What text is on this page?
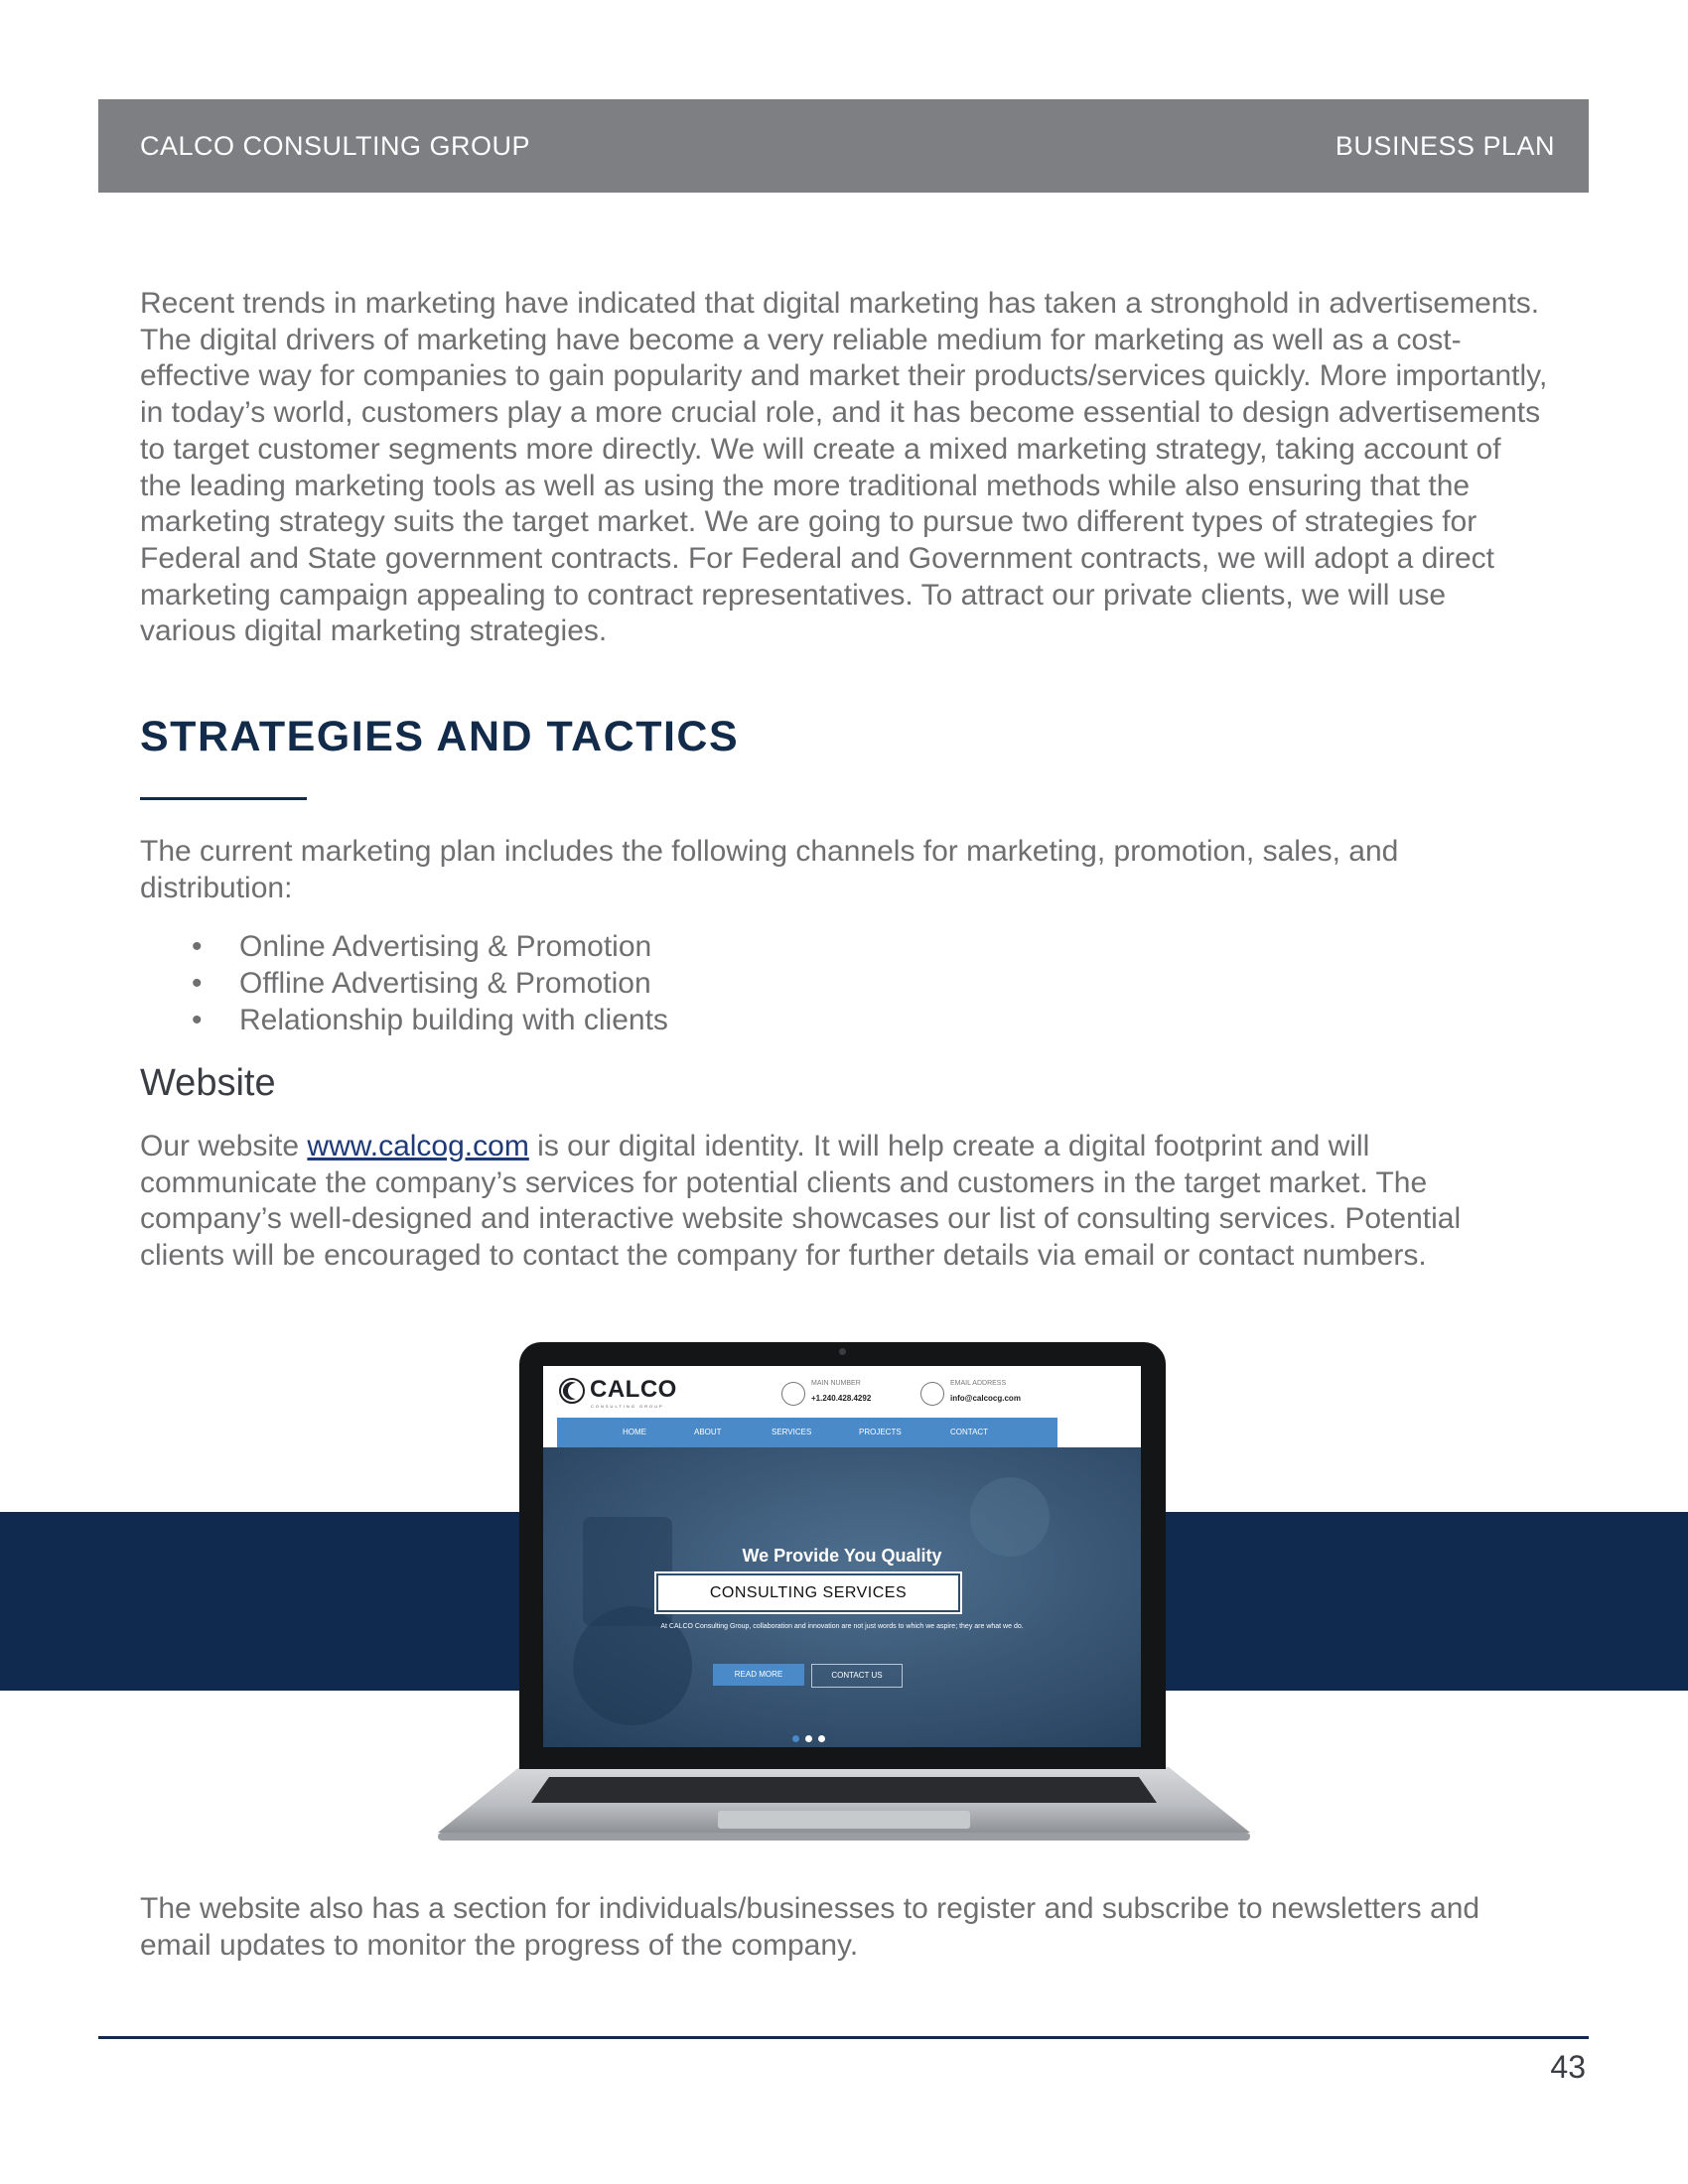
CALCO CONSULTING GROUP	BUSINESS PLAN

Recent trends in marketing have indicated that digital marketing has taken a stronghold in advertisements. The digital drivers of marketing have become a very reliable medium for marketing as well as a cost-effective way for companies to gain popularity and market their products/services quickly. More importantly, in today’s world, customers play a more crucial role, and it has become essential to design advertisements to target customer segments more directly. We will create a mixed marketing strategy, taking account of the leading marketing tools as well as using the more traditional methods while also ensuring that the marketing strategy suits the target market. We are going to pursue two different types of strategies for Federal and State government contracts. For Federal and Government contracts, we will adopt a direct marketing campaign appealing to contract representatives. To attract our private clients, we will use various digital marketing strategies.

STRATEGIES AND TACTICS

The current marketing plan includes the following channels for marketing, promotion, sales, and distribution:

• Online Advertising & Promotion
• Offline Advertising & Promotion
• Relationship building with clients
Website

Our website www.calcog.com is our digital identity. It will help create a digital footprint and will communicate the company’s services for potential clients and customers in the target market. The company’s well-designed and interactive website showcases our list of consulting services. Potential clients will be encouraged to contact the company for further details via email or contact numbers.

CALCO
CONSULTING GROUP
MAIN NUMBER
+1.240.428.4292
EMAIL ADDRESS
info@calcocg.com
We Provide You Quality
CONSULTING SERVICES
At CALCO Consulting Group, collaboration and innovation are not just words to which we aspire; they are what we do.
READ MORE	CONTACT US
HOME	ABOUT	SERVICES	PROJECTS	CONTACT

The website also has a section for individuals/businesses to register and subscribe to newsletters and email updates to monitor the progress of the company.

43
